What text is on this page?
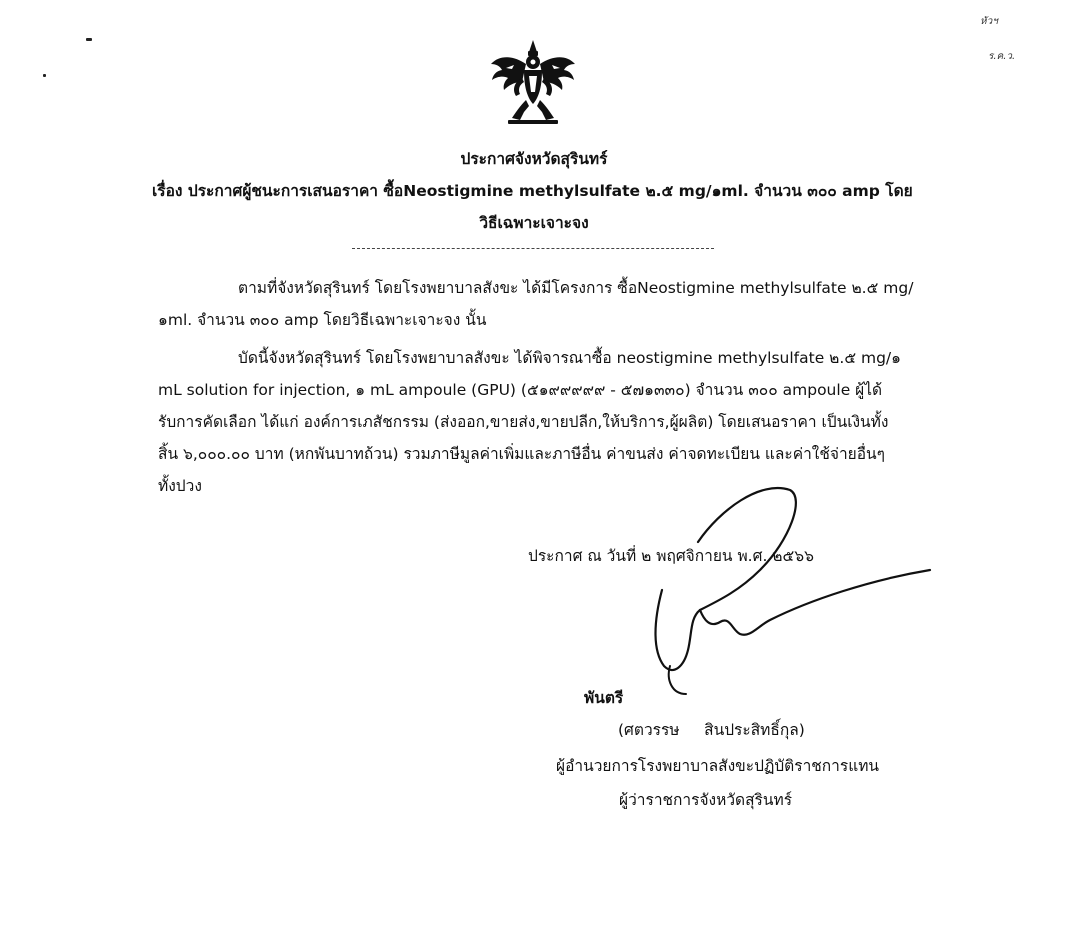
หัวฯ
ร.ค.ว.
ประกาศจังหวัดสุรินทร์
เรื่อง ประกาศผู้ชนะการเสนอราคา ซื้อNeostigmine methylsulfate ๒.๕ mg/๑ml. จำนวน ๓๐๐ amp โดย
วิธีเฉพาะเจาะจง
ตามที่จังหวัดสุรินทร์ โดยโรงพยาบาลสังขะ ได้มีโครงการ ซื้อNeostigmine methylsulfate ๒.๕ mg/
๑ml. จำนวน ๓๐๐ amp โดยวิธีเฉพาะเจาะจง นั้น
บัดนี้จังหวัดสุรินทร์ โดยโรงพยาบาลสังขะ ได้พิจารณาซื้อ neostigmine methylsulfate ๒.๕ mg/๑
mL solution for injection, ๑ mL ampoule (GPU) (๕๑๙๙๙๙๙ - ๕๗๑๓๓๐) จำนวน ๓๐๐ ampoule ผู้ได้
รับการคัดเลือก ได้แก่ องค์การเภสัชกรรม (ส่งออก,ขายส่ง,ขายปลีก,ให้บริการ,ผู้ผลิต) โดยเสนอราคา เป็นเงินทั้ง
สิ้น ๖,๐๐๐.๐๐ บาท (หกพันบาทถ้วน) รวมภาษีมูลค่าเพิ่มและภาษีอื่น ค่าขนส่ง ค่าจดทะเบียน และค่าใช้จ่ายอื่นๆ
ทั้งปวง
ประกาศ ณ วันที่ ๒ พฤศจิกายน พ.ศ. ๒๕๖๖
พันตรี
(ศตวรรษ     สินประสิทธิ์กุล)
ผู้อำนวยการโรงพยาบาลสังขะปฏิบัติราชการแทน
ผู้ว่าราชการจังหวัดสุรินทร์
